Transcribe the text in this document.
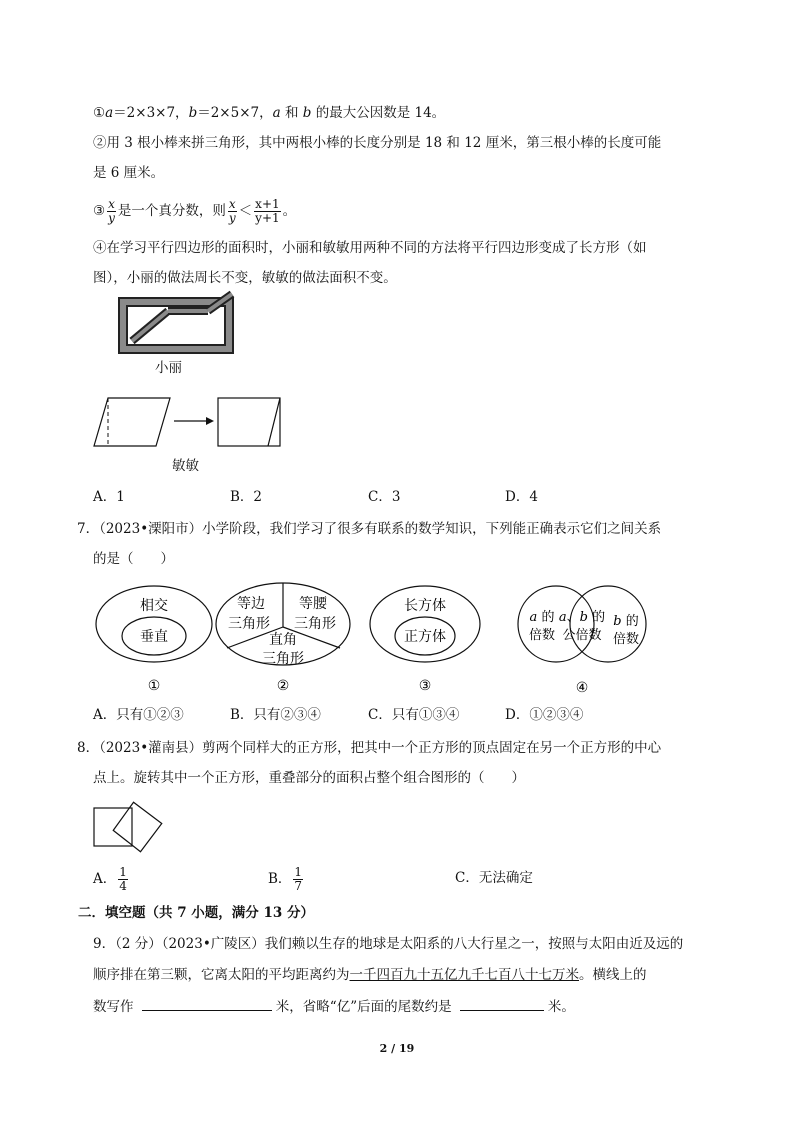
①a＝2×3×7，b＝2×5×7，a 和 b 的最大公因数是 14。
②用 3 根小棒来拼三角形，其中两根小棒的长度分别是 18 和 12 厘米，第三根小棒的长度可能
是 6 厘米。
③ $\frac{x}{y}$ 是一个真分数，则 $\frac{x}{y} < \frac{x+1}{y+1}$ 。
④在学习平行四边形的面积时，小丽和敏敏用两种不同的方法将平行四边形变成了长方形（如
图），小丽的做法周长不变，敏敏的做法面积不变。
小丽
敏敏
A．1	B．2	C．3	D．4
7．（2023•溧阳市）小学阶段，我们学习了很多有联系的数学知识，下列能正确表示它们之间关系
的是（　　）
相交
垂直
①
等边
三角形
等腰
三角形
直角
三角形
②
长方体
正方体
③
a 的
倍数
a、b 的
公倍数
b 的
倍数
④
A．只有①②③	B．只有②③④	C．只有①③④	D．①②③④
8．（2023•灌南县）剪两个同样大的正方形，把其中一个正方形的顶点固定在另一个正方形的中心
点上。旋转其中一个正方形，重叠部分的面积占整个组合图形的（　　）
A． $\frac{1}{4}$	B． $\frac{1}{7}$	C．无法确定
二．填空题（共 7 小题，满分 13 分）
9．（2 分）（2023•广陵区）我们赖以生存的地球是太阳系的八大行星之一，按照与太阳由近及远的
顺序排在第三颗，它离太阳的平均距离约为一千四百九十五亿九千七百八十七万米。横线上的
数写作	米，省略“亿”后面的尾数约是	米。
2 / 19
